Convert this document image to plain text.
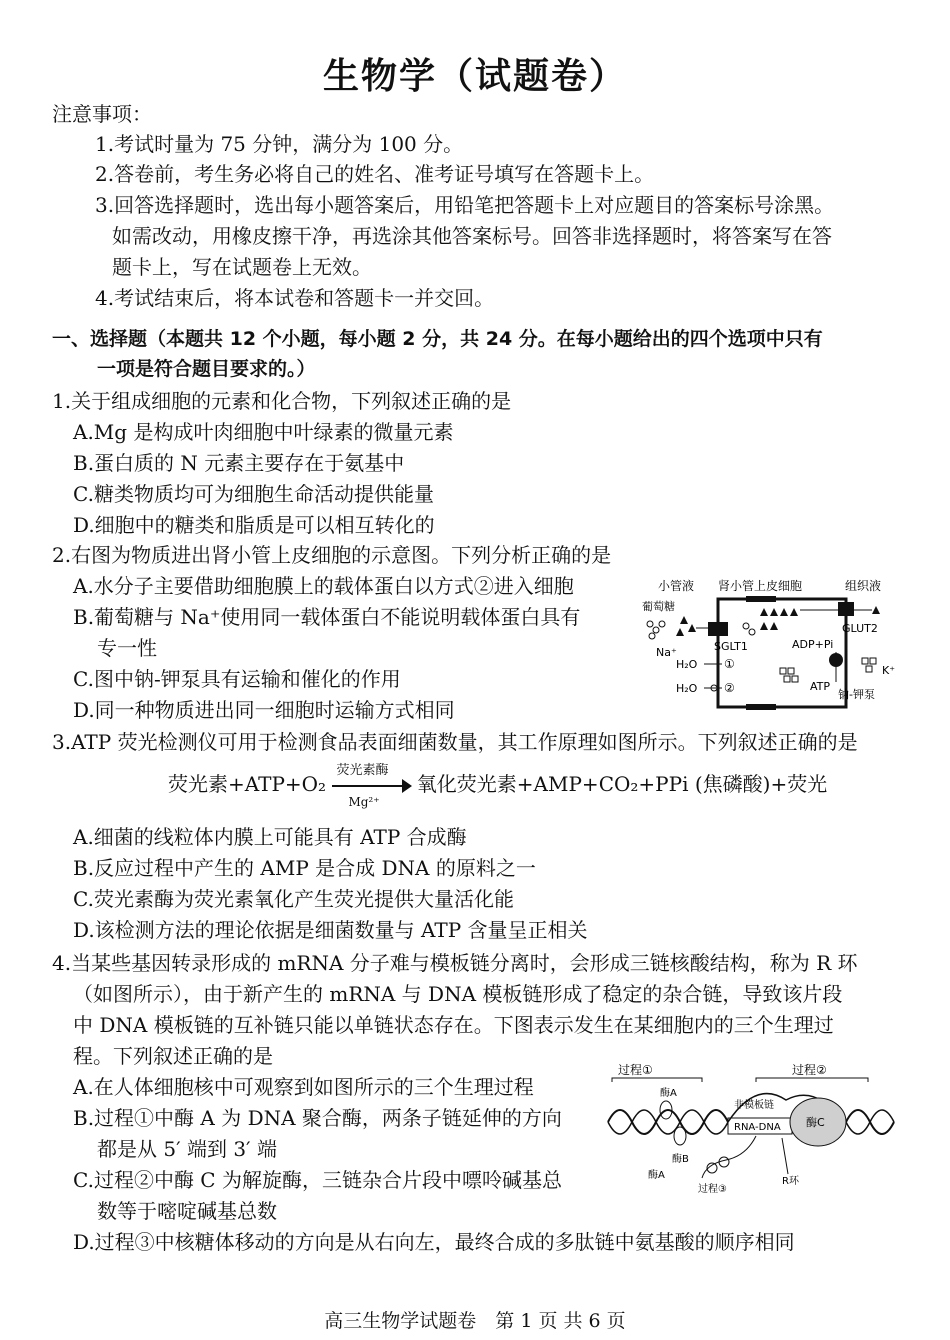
生物学（试题卷）
注意事项：
1.考试时量为 75 分钟，满分为 100 分。
2.答卷前，考生务必将自己的姓名、准考证号填写在答题卡上。
3.回答选择题时，选出每小题答案后，用铅笔把答题卡上对应题目的答案标号涂黑。
如需改动，用橡皮擦干净，再选涂其他答案标号。回答非选择题时，将答案写在答
题卡上，写在试题卷上无效。
4.考试结束后，将本试卷和答题卡一并交回。
一、选择题（本题共 12 个小题，每小题 2 分，共 24 分。在每小题给出的四个选项中只有
一项是符合题目要求的。）
1.关于组成细胞的元素和化合物，下列叙述正确的是
A.Mg 是构成叶肉细胞中叶绿素的微量元素
B.蛋白质的 N 元素主要存在于氨基中
C.糖类物质均可为细胞生命活动提供能量
D.细胞中的糖类和脂质是可以相互转化的
2.右图为物质进出肾小管上皮细胞的示意图。下列分析正确的是
A.水分子主要借助细胞膜上的载体蛋白以方式②进入细胞
B.葡萄糖与 Na⁺使用同一载体蛋白不能说明载体蛋白具有
专一性
C.图中钠-钾泵具有运输和催化的作用
D.同一种物质进出同一细胞时运输方式相同
小管液 肾小管上皮细胞	组织液
葡萄糖
Na⁺	SGLT1
GLUT2
ADP+Pi
ATP
K⁺
钠-钾泵
H₂O ①
H₂O ②
3.ATP 荧光检测仪可用于检测食品表面细菌数量，其工作原理如图所示。下列叙述正确的是
荧光素+ATP+O₂
荧光素酶
Mg²⁺
氧化荧光素+AMP+CO₂+PPi (焦磷酸)+荧光
A.细菌的线粒体内膜上可能具有 ATP 合成酶
B.反应过程中产生的 AMP 是合成 DNA 的原料之一
C.荧光素酶为荧光素氧化产生荧光提供大量活化能
D.该检测方法的理论依据是细菌数量与 ATP 含量呈正相关
4.当某些基因转录形成的 mRNA 分子难与模板链分离时，会形成三链核酸结构，称为 R 环
（如图所示），由于新产生的 mRNA 与 DNA 模板链形成了稳定的杂合链，导致该片段
中 DNA 模板链的互补链只能以单链状态存在。下图表示发生在某细胞内的三个生理过
程。下列叙述正确的是
A.在人体细胞核中可观察到如图所示的三个生理过程
B.过程①中酶 A 为 DNA 聚合酶，两条子链延伸的方向
都是从 5′ 端到 3′ 端
C.过程②中酶 C 为解旋酶，三链杂合片段中嘌呤碱基总
数等于嘧啶碱基总数
D.过程③中核糖体移动的方向是从右向左，最终合成的多肽链中氨基酸的顺序相同
过程①	过程②
酶A
酶B
酶A
非模板链
RNA-DNA 酶C
过程③
R环
高三生物学试题卷　第 1 页 共 6 页
